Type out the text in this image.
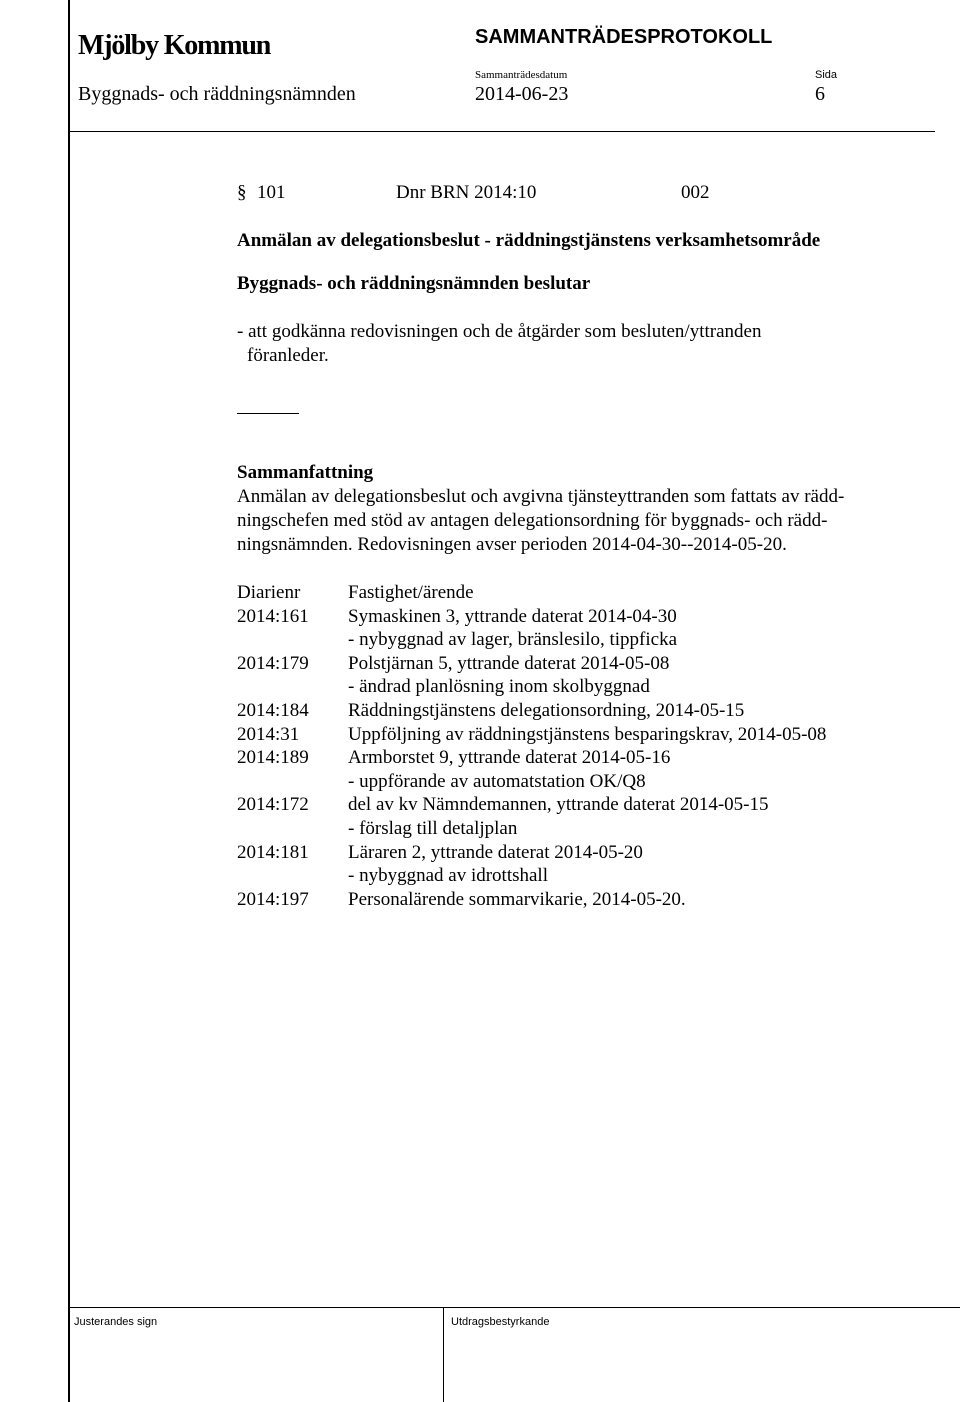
Mjölby Kommun	SAMMANTRÄDESPROTOKOLL
Sammanträdesdatum	Sida
Byggnads- och räddningsnämnden	2014-06-23	6
§ 101	Dnr BRN 2014:10	002
Anmälan av delegationsbeslut - räddningstjänstens verksamhetsområde
Byggnads- och räddningsnämnden beslutar
- att godkänna redovisningen och de åtgärder som besluten/yttranden
föranleder.
Sammanfattning
Anmälan av delegationsbeslut och avgivna tjänsteyttranden som fattats av rädd-
ningschefen med stöd av antagen delegationsordning för byggnads- och rädd-
ningsnämnden. Redovisningen avser perioden 2014-04-30--2014-05-20.
Diarienr	Fastighet/ärende
2014:161 Symaskinen 3, yttrande daterat 2014-04-30
- nybyggnad av lager, bränslesilo, tippficka
2014:179 Polstjärnan 5, yttrande daterat 2014-05-08
- ändrad planlösning inom skolbyggnad
2014:184 Räddningstjänstens delegationsordning, 2014-05-15
2014:31	Uppföljning av räddningstjänstens besparingskrav, 2014-05-08
2014:189 Armborstet 9, yttrande daterat 2014-05-16
- uppförande av automatstation OK/Q8
2014:172 del av kv Nämndemannen, yttrande daterat 2014-05-15
- förslag till detaljplan
2014:181 Läraren 2, yttrande daterat 2014-05-20
- nybyggnad av idrottshall
2014:197 Personalärende sommarvikarie, 2014-05-20.
Justerandes sign	Utdragsbestyrkande
